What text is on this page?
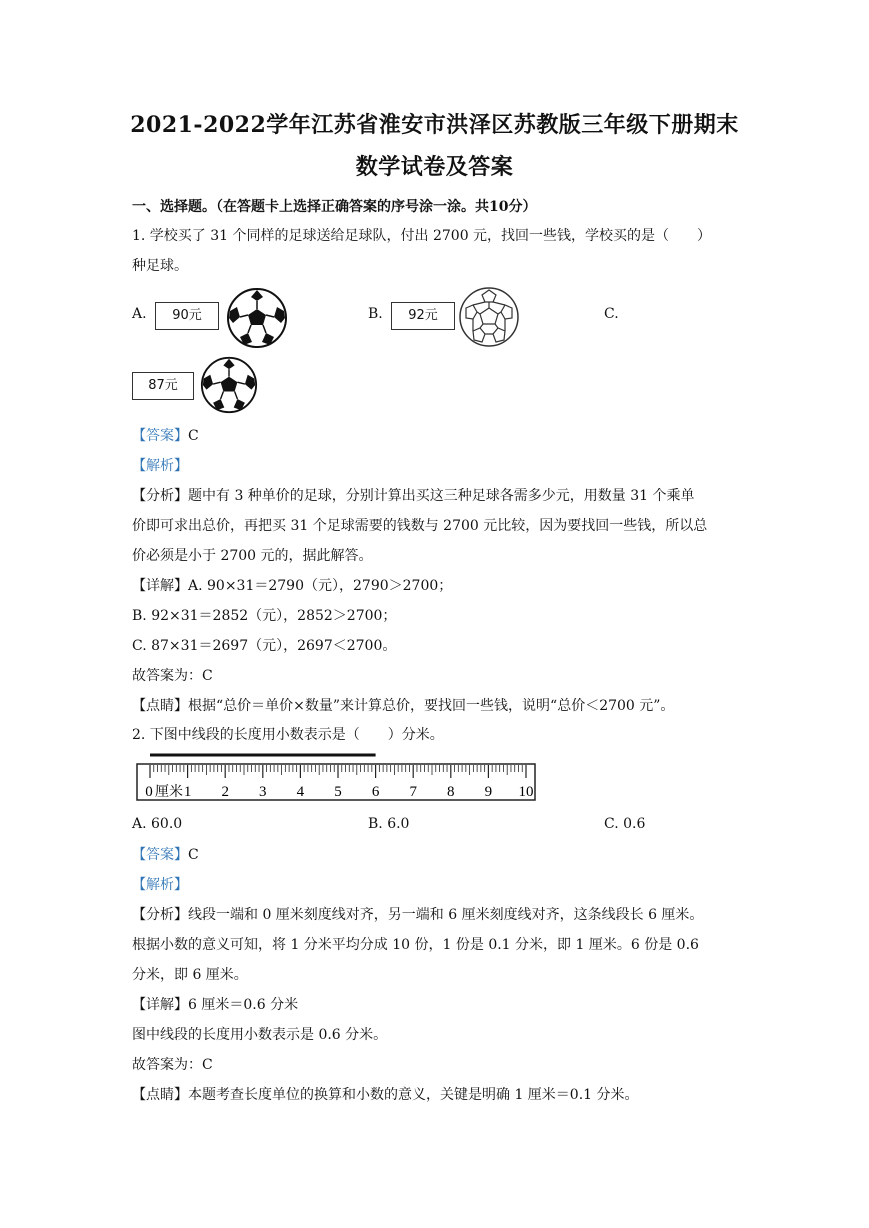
2021-2022学年江苏省淮安市洪泽区苏教版三年级下册期末
数学试卷及答案
一、选择题。（在答题卡上选择正确答案的序号涂一涂。共10分）
1. 学校买了 31 个同样的足球送给足球队，付出 2700 元，找回一些钱，学校买的是（　　）
种足球。
A.	90元	B.	92元	C.
87元
【答案】C
【解析】
【分析】题中有 3 种单价的足球，分别计算出买这三种足球各需多少元，用数量 31 个乘单
价即可求出总价，再把买 31 个足球需要的钱数与 2700 元比较，因为要找回一些钱，所以总
价必须是小于 2700 元的，据此解答。
【详解】A. 90×31＝2790（元），2790＞2700；
B. 92×31＝2852（元），2852＞2700；
C. 87×31＝2697（元），2697＜2700。
故答案为：C
【点睛】根据“总价＝单价×数量”来计算总价，要找回一些钱，说明“总价＜2700 元”。
2. 下图中线段的长度用小数表示是（　　）分米。
0 1 2 3 4 5 6 7 8 9 10
厘米
A. 60.0	B. 6.0	C. 0.6
【答案】C
【解析】
【分析】线段一端和 0 厘米刻度线对齐，另一端和 6 厘米刻度线对齐，这条线段长 6 厘米。
根据小数的意义可知，将 1 分米平均分成 10 份，1 份是 0.1 分米，即 1 厘米。6 份是 0.6
分米，即 6 厘米。
【详解】6 厘米＝0.6 分米
图中线段的长度用小数表示是 0.6 分米。
故答案为：C
【点睛】本题考查长度单位的换算和小数的意义，关键是明确 1 厘米＝0.1 分米。
